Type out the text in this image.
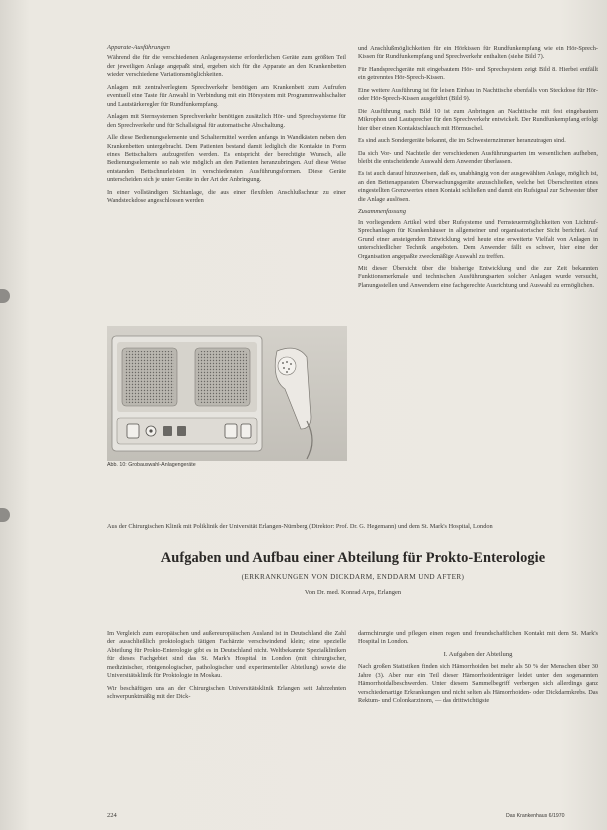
Apparate-Ausführungen

Während die für die verschiedenen Anlagensysteme erforderlichen Geräte zum größten Teil der jeweiligen Anlage angepaßt sind, ergeben sich für die Apparate an den Krankenbetten wieder verschiedene Variationsmöglichkeiten.

Anlagen mit zentralverlegtem Sprechverkehr benötigen am Krankenbett zum Aufrufen eventuell eine Taste für Anwahl in Verbindung mit ein Hörsystem mit Programmwahlschalter und Lautstärkeregler für Rundfunkempfang.

Anlagen mit Sternsystemen Sprechverkehr benötigen zusätzlich Hör- und Sprechsysteme für den Sprechverkehr und für Schallsignal für automatische Abschaltung.

Alle diese Bedienungselemente und Schaltermittel werden anfangs in Wandkästen neben den Krankenbetten untergebracht. Dem Patienten bestand damit lediglich die Kontakte in Form eines Bettschalters aufzugreifen werden. Es entspricht der berechtigte Wunsch, alle Bedienungselemente so nah wie möglich an den Patienten heranzubringen. Auf diese Weise entstanden Bettschnurleisten in verschiedensten Ausführungsformen. Diese Geräte unterscheiden sich je unter Geräte in der Art der Anbringung.

In einer vollständigen Sichtanlage, die aus einer flexiblen Anschlußschnur zu einer Wandsteckdose angeschlossen werden

und Anschlußmöglichkeiten für ein Hörkissen für Rundfunkempfang wie ein Hör-Sprech-Kissen für Rundfunkempfang und Sprechverkehr enthalten (siehe Bild 7).

Für Handsprechgeräte mit eingebautem Hör- und Sprechsystem zeigt Bild 8. Hierbei entfällt ein getrenntes Hör-Sprech-Kissen.

Eine weitere Ausführung ist für leisen Einbau in Nachttische ebenfalls von Steckdose für Hör- oder Hör-Sprech-Kissen ausgeführt (Bild 9).

Die Ausführung nach Bild 10 ist zum Anbringen an Nachttische mit fest eingebautem Mikrophon und Lautsprecher für den Sprechverkehr entwickelt. Der Rundfunkempfang erfolgt hier über einen Kontaktschlauch mit Hörmuschel.

Es sind auch Sondergeräte bekannt, die im Schwesternzimmer heranzutragen sind.

Da sich Vor- und Nachteile der verschiedenen Ausführungsarten im wesentlichen aufheben, bleibt die entscheidende Auswahl dem Anwender überlassen.

Es ist auch darauf hinzuweisen, daß es, unabhängig von der ausgewählten Anlage, möglich ist, an den Bettenapparaten Überwachungsgeräte anzuschließen, welche bei Überschreiten eines eingestellten Grenzwertes einen Kontakt schließen und damit ein Rufsignal zur Schwester über die Anlage auslösen.

Zusammenfassung

In vorliegendem Artikel wird über Rufsysteme und Fernsteuermöglichkeiten von Lichtruf-Sprechanlagen für Krankenhäuser in allgemeiner und organisatorischer Sicht berichtet. Auf Grund einer ansteigenden Entwicklung wird heute eine erweiterte Vielfalt von Anlagen in unterschiedlicher Technik angeboten. Dem Anwender fällt es schwer, hier eine der Organisation angepaßte zweckmäßige Auswahl zu treffen.

Mit dieser Übersicht über die bisherige Entwicklung und die zur Zeit bekannten Funktionsmerkmale und technischen Ausführungsarten solcher Anlagen wurde versucht, Planungsstellen und Anwendern eine fachgerechte Ausrichtung und Auswahl zu ermöglichen.

Abb. 10: Grobauswahl-Anlagengeräte
Aus der Chirurgischen Klinik mit Poliklinik der Universität Erlangen-Nürnberg (Direktor: Prof. Dr. G. Hegemann) und dem St. Mark's Hospital, London
Aufgaben und Aufbau einer Abteilung für Prokto-Enterologie
(ERKRANKUNGEN VON DICKDARM, ENDDARM UND AFTER)
Von Dr. med. Konrad Arps, Erlangen

Im Vergleich zum europäischen und außereuropäischen Ausland ist in Deutschland die Zahl der ausschließlich proktologisch tätigen Fachärzte verschwindend klein; eine spezielle Abteilung für Prokto-Enterologie gibt es in Deutschland nicht. Weltbekannte Spezialkliniken für dieses Fachgebiet sind das St. Mark's Hospital in London (mit chirurgischer, medizinischer, röntgenologischer, pathologischer und experimenteller Abteilung) sowie die Universitätsklinik für Proktologie in Moskau.

Wir beschäftigen uns an der Chirurgischen Universitätsklinik Erlangen seit Jahrzehnten schwerpunktmäßig mit der Dick-

darmchirurgie und pflegen einen regen und freundschaftlichen Kontakt mit dem St. Mark's Hospital in London.

I. Aufgaben der Abteilung

Nach großen Statistiken finden sich Hämorrhoiden bei mehr als 50 % der Menschen über 30 Jahre (3). Aber nur ein Teil dieser Hämorrhoidenträger leidet unter den sogenannten Hämorrhoidalbeschwerden. Unter diesem Sammelbegriff verbergen sich allerdings ganz verschiedenartige Erkrankungen und nicht selten als Hämorrhoiden- oder Dickdarmkrebs. Das Rektum- und Colonkarzinom, — das drittwichtigste

224	Das Krankenhaus 6/1970
